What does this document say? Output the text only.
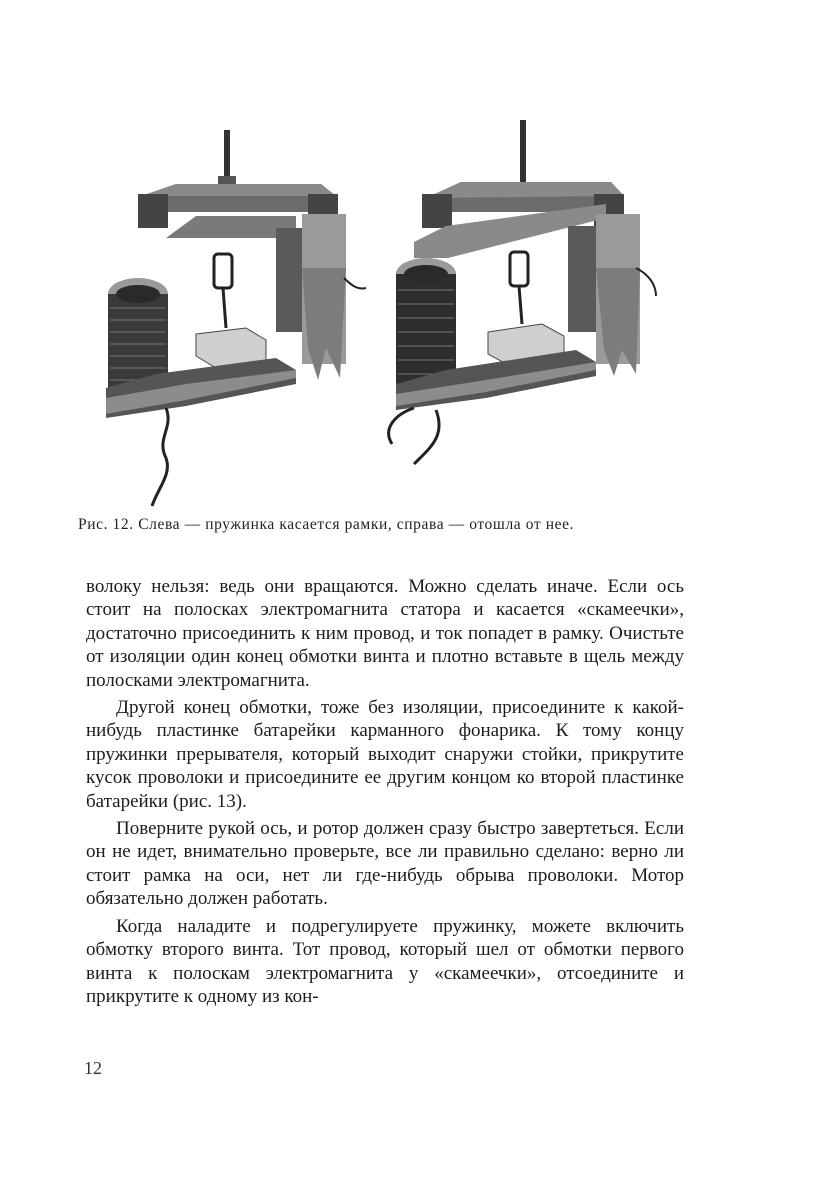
Рис. 12. Слева — пружинка касается рамки, справа — отошла от нее.

волоку нельзя: ведь они вращаются. Можно сделать иначе. Если ось стоит на полосках электромагнита статора и касается «скамеечки», достаточно присоединить к ним провод, и ток попадет в рамку. Очистьте от изоляции один конец обмотки винта и плотно вставьте в щель между полосками электромагнита.

Другой конец обмотки, тоже без изоляции, присоедините к какой-нибудь пластинке батарейки карманного фонарика. К тому концу пружинки прерывателя, который выходит снаружи стойки, прикрутите кусок проволоки и присоедините ее другим концом ко второй пластинке батарейки (рис. 13).

Поверните рукой ось, и ротор должен сразу быстро завертеться. Если он не идет, внимательно проверьте, все ли правильно сделано: верно ли стоит рамка на оси, нет ли где-нибудь обрыва проволоки. Мотор обязательно должен работать.

Когда наладите и подрегулируете пружинку, можете включить обмотку второго винта. Тот провод, который шел от обмотки первого винта к полоскам электромагнита у «скамеечки», отсоедините и прикрутите к одному из кон-

12
